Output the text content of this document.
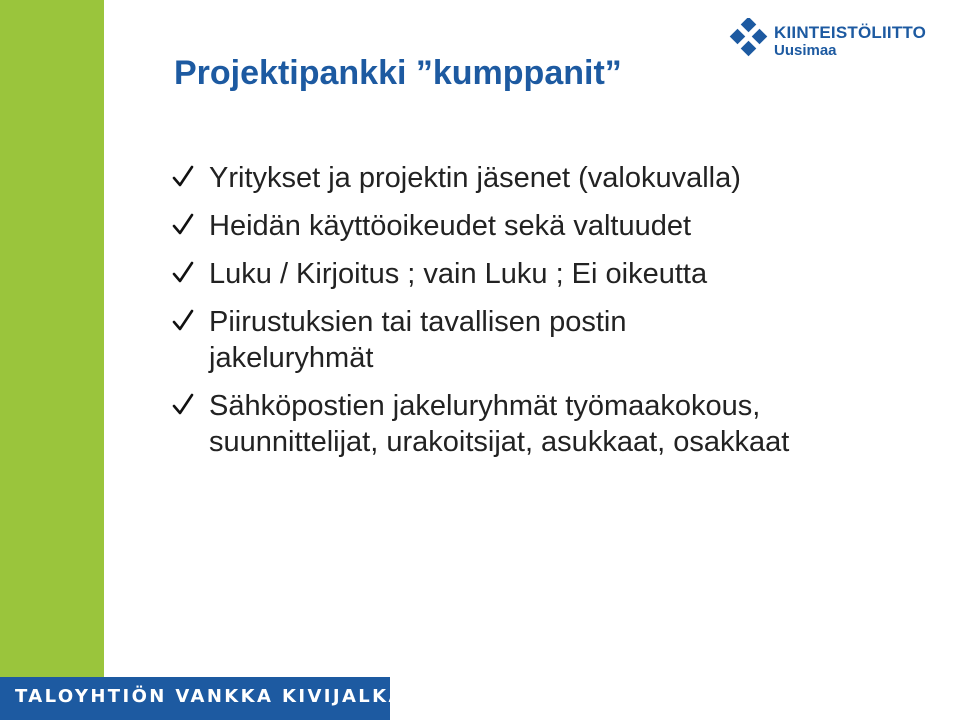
KIINTEISTÖLIITTO
Uusimaa
Projektipankki ”kumppanit”
Yritykset ja projektin jäsenet (valokuvalla)
Heidän käyttöoikeudet sekä valtuudet
Luku / Kirjoitus ; vain Luku ; Ei oikeutta
Piirustuksien tai tavallisen postin jakeluryhmät
Sähköpostien jakeluryhmät työmaakokous, suunnittelijat, urakoitsijat, asukkaat, osakkaat
TALOYHTIÖN VANKKA KIVIJALKA
